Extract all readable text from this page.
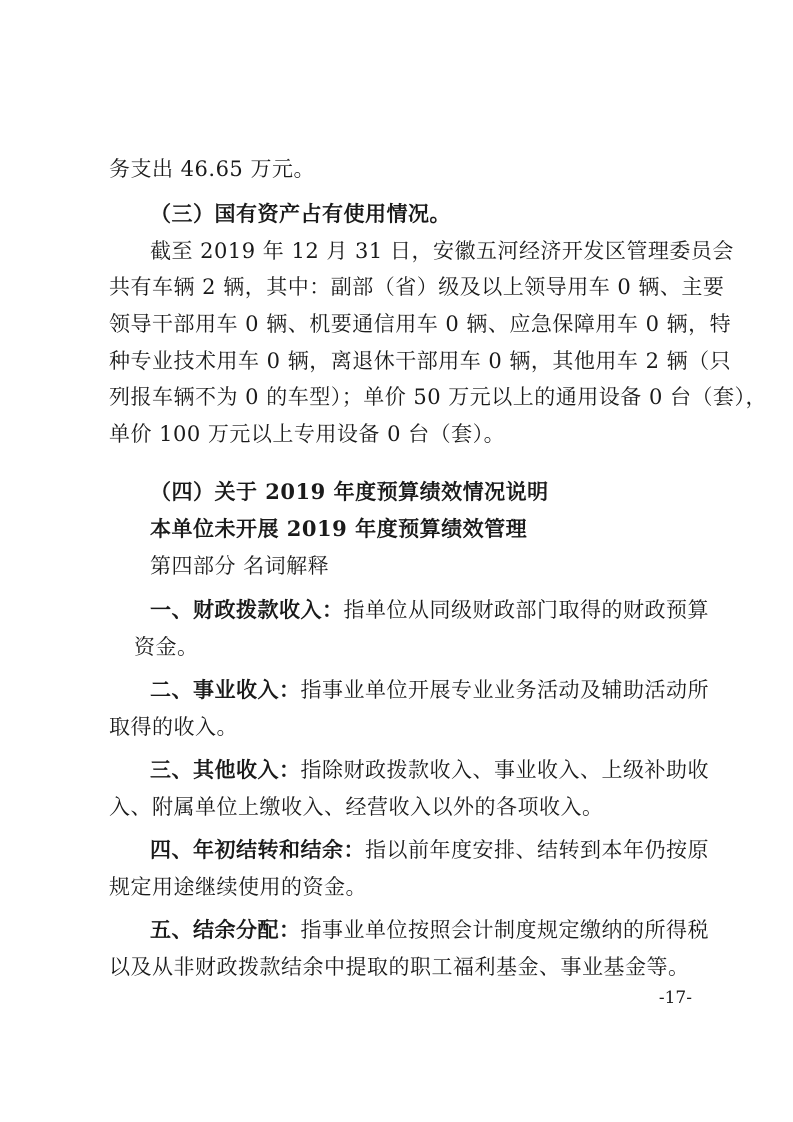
务支出 46.65 万元。
（三）国有资产占有使用情况。
截至 2019 年 12 月 31 日，安徽五河经济开发区管理委员会
共有车辆 2 辆，其中：副部（省）级及以上领导用车 0 辆、主要
领导干部用车 0 辆、机要通信用车 0 辆、应急保障用车 0 辆，特
种专业技术用车 0 辆，离退休干部用车 0 辆，其他用车 2 辆（只
列报车辆不为 0 的车型）；单价 50 万元以上的通用设备 0 台（套），
单价 100 万元以上专用设备 0 台（套）。
（四）关于 2019 年度预算绩效情况说明
本单位未开展 2019 年度预算绩效管理
第四部分 名词解释
一、财政拨款收入：指单位从同级财政部门取得的财政预算
资金。
二、事业收入：指事业单位开展专业业务活动及辅助活动所
取得的收入。
三、其他收入：指除财政拨款收入、事业收入、上级补助收
入、附属单位上缴收入、经营收入以外的各项收入。
四、年初结转和结余：指以前年度安排、结转到本年仍按原
规定用途继续使用的资金。
五、结余分配：指事业单位按照会计制度规定缴纳的所得税
以及从非财政拨款结余中提取的职工福利基金、事业基金等。
-17-
